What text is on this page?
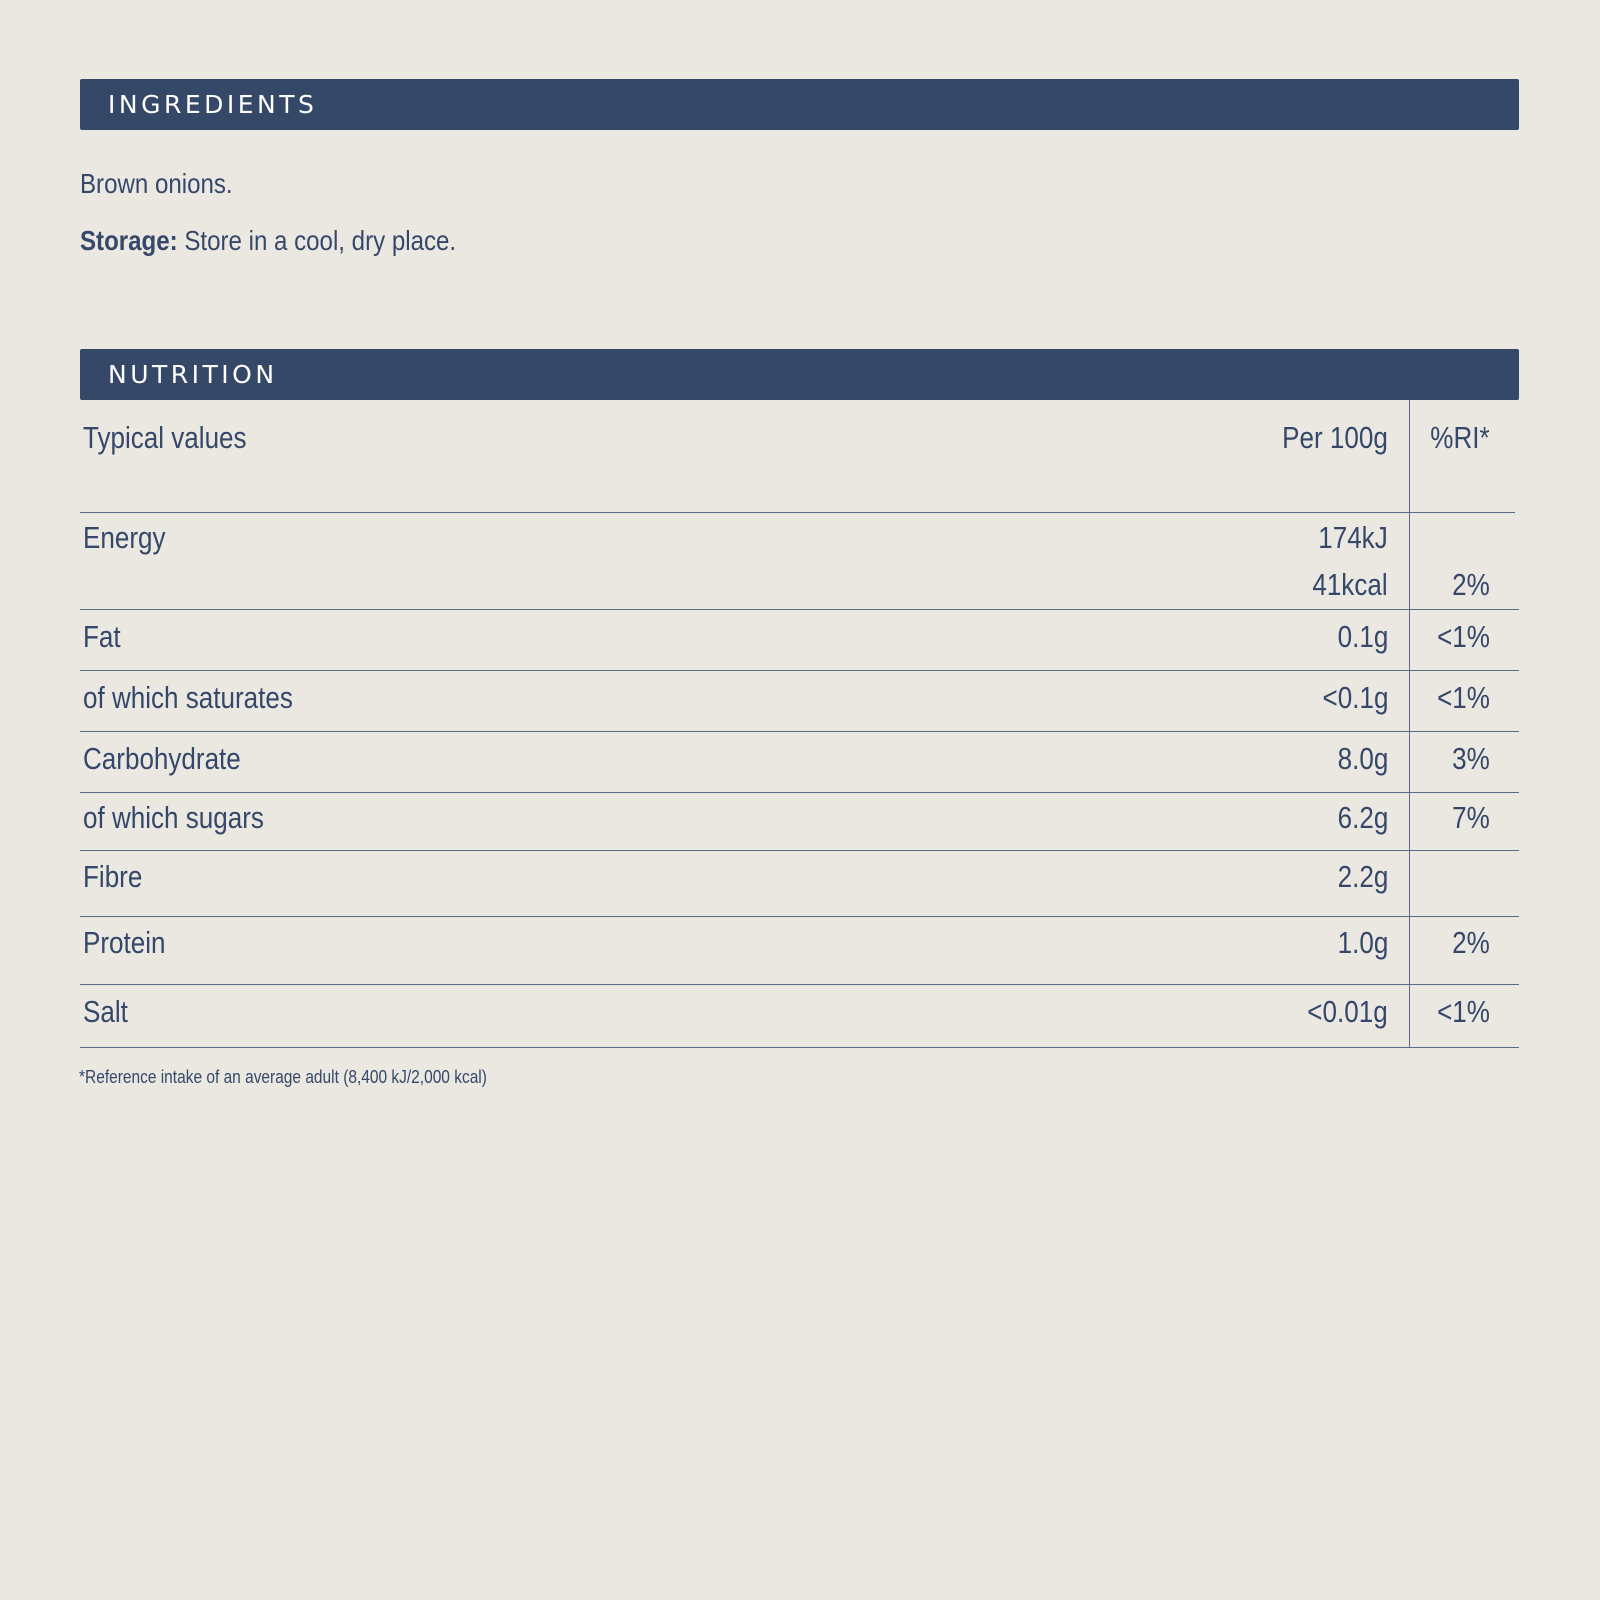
INGREDIENTS
Brown onions.
Storage: Store in a cool, dry place.
NUTRITION
Typical values	Per 100g %RI*
Energy	174kJ
41kcal 2%
Fat	0.1g <1%
of which saturates	<0.1g <1%
Carbohydrate	8.0g 3%
of which sugars	6.2g 7%
Fibre	2.2g
Protein	1.0g 2%
Salt	<0.01g <1%
*Reference intake of an average adult (8,400 kJ/2,000 kcal)
